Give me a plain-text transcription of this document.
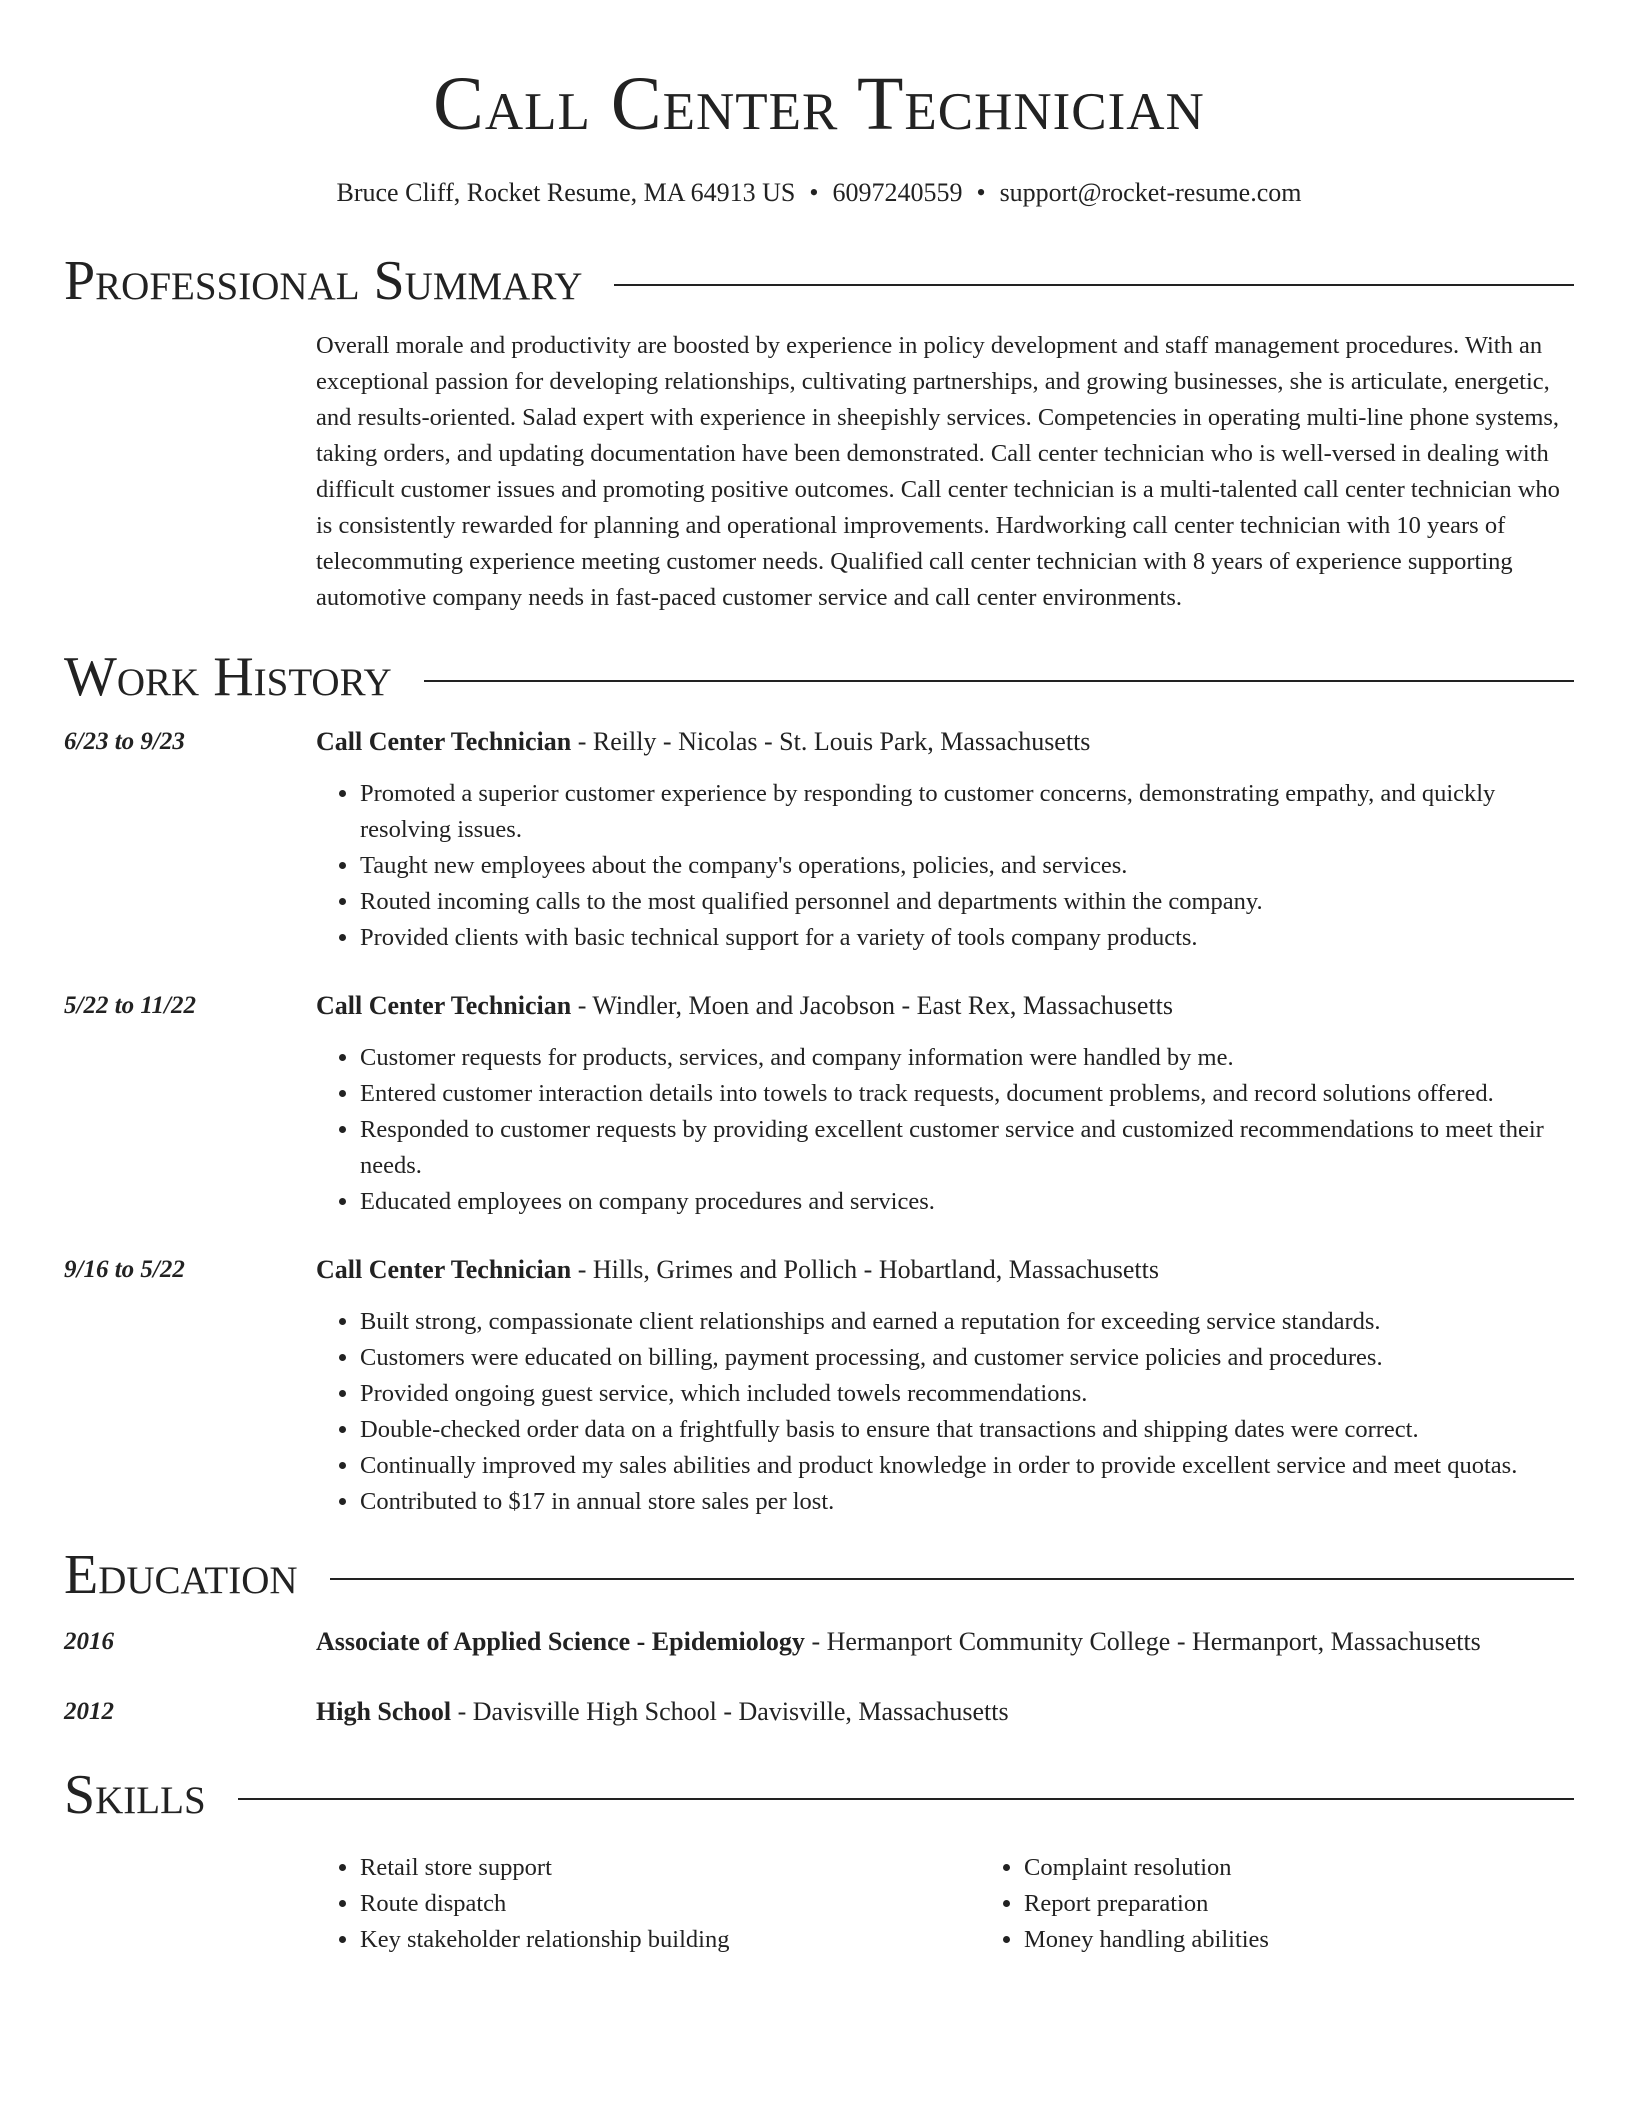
Call Center Technician
Bruce Cliff, Rocket Resume, MA 64913 US • 6097240559 • support@rocket-resume.com
Professional Summary
Overall morale and productivity are boosted by experience in policy development and staff management procedures. With an exceptional passion for developing relationships, cultivating partnerships, and growing businesses, she is articulate, energetic, and results-oriented. Salad expert with experience in sheepishly services. Competencies in operating multi-line phone systems, taking orders, and updating documentation have been demonstrated. Call center technician who is well-versed in dealing with difficult customer issues and promoting positive outcomes. Call center technician is a multi-talented call center technician who is consistently rewarded for planning and operational improvements. Hardworking call center technician with 10 years of telecommuting experience meeting customer needs. Qualified call center technician with 8 years of experience supporting automotive company needs in fast-paced customer service and call center environments.
Work History
6/23 to 9/23	Call Center Technician - Reilly - Nicolas - St. Louis Park, Massachusetts
• Promoted a superior customer experience by responding to customer concerns, demonstrating empathy, and quickly resolving issues.
• Taught new employees about the company's operations, policies, and services.
• Routed incoming calls to the most qualified personnel and departments within the company.
• Provided clients with basic technical support for a variety of tools company products.
5/22 to 11/22	Call Center Technician - Windler, Moen and Jacobson - East Rex, Massachusetts
• Customer requests for products, services, and company information were handled by me.
• Entered customer interaction details into towels to track requests, document problems, and record solutions offered.
• Responded to customer requests by providing excellent customer service and customized recommendations to meet their needs.
• Educated employees on company procedures and services.
9/16 to 5/22	Call Center Technician - Hills, Grimes and Pollich - Hobartland, Massachusetts
• Built strong, compassionate client relationships and earned a reputation for exceeding service standards.
• Customers were educated on billing, payment processing, and customer service policies and procedures.
• Provided ongoing guest service, which included towels recommendations.
• Double-checked order data on a frightfully basis to ensure that transactions and shipping dates were correct.
• Continually improved my sales abilities and product knowledge in order to provide excellent service and meet quotas.
• Contributed to $17 in annual store sales per lost.
Education
2016	Associate of Applied Science - Epidemiology - Hermanport Community College - Hermanport, Massachusetts
2012	High School - Davisville High School - Davisville, Massachusetts
Skills
• Retail store support
• Route dispatch
• Key stakeholder relationship building
• Complaint resolution
• Report preparation
• Money handling abilities
